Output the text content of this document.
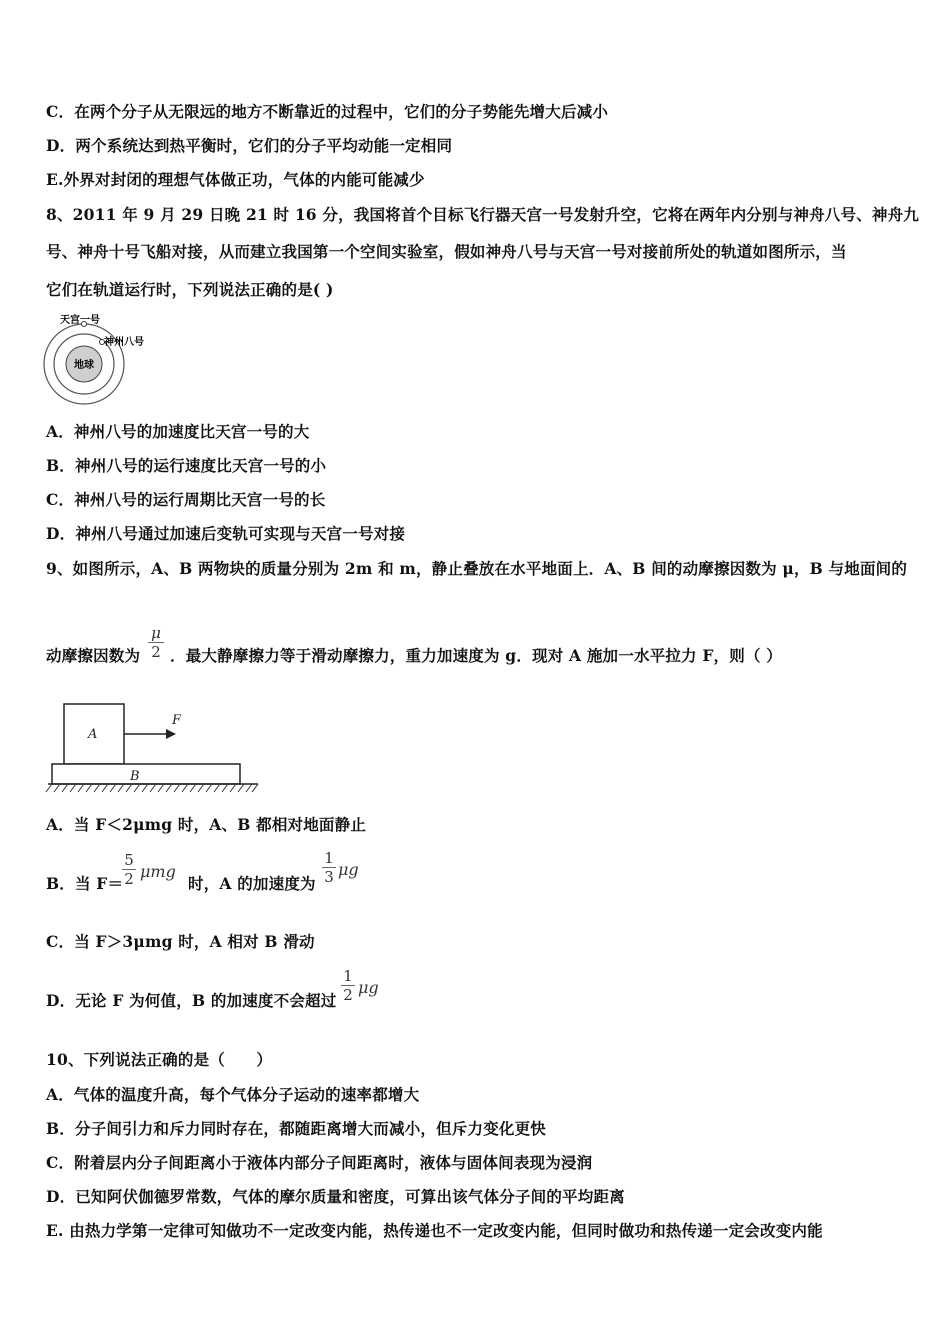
C．在两个分子从无限远的地方不断靠近的过程中，它们的分子势能先增大后减小
D．两个系统达到热平衡时，它们的分子平均动能一定相同
E.外界对封闭的理想气体做正功，气体的内能可能减少
8、2011 年 9 月 29 日晚 21 时 16 分，我国将首个目标飞行器天宫一号发射升空，它将在两年内分别与神舟八号、神舟九
号、神舟十号飞船对接，从而建立我国第一个空间实验室，假如神舟八号与天宫一号对接前所处的轨道如图所示，当
它们在轨道运行时，下列说法正确的是( )
天宫一号
神州八号
地球
A．神州八号的加速度比天宫一号的大
B．神州八号的运行速度比天宫一号的小
C．神州八号的运行周期比天宫一号的长
D．神州八号通过加速后变轨可实现与天宫一号对接
9、如图所示，A、B 两物块的质量分别为 2m 和 m，静止叠放在水平地面上．A、B 间的动摩擦因数为 μ，B 与地面间的
动摩擦因数为 $\frac{\mu}{2}$ ．最大静摩擦力等于滑动摩擦力，重力加速度为 g．现对 A 施加一水平拉力 F，则（ ）
A
B
F
A．当 F＜2μmg 时，A、B 都相对地面静止
B．当 F＝
$\frac{5}{2}$ μmg
时，A 的加速度为 $\frac{1}{3}$ μg
C．当 F＞3μmg 时，A 相对 B 滑动
D．无论 F 为何值，B 的加速度不会超过 $\frac{1}{2}$ μg
10、下列说法正确的是（　　）
A．气体的温度升高，每个气体分子运动的速率都增大
B．分子间引力和斥力同时存在，都随距离增大而减小，但斥力变化更快
C．附着层内分子间距离小于液体内部分子间距离时，液体与固体间表现为浸润
D．已知阿伏伽德罗常数，气体的摩尔质量和密度，可算出该气体分子间的平均距离
E. 由热力学第一定律可知做功不一定改变内能，热传递也不一定改变内能，但同时做功和热传递一定会改变内能
